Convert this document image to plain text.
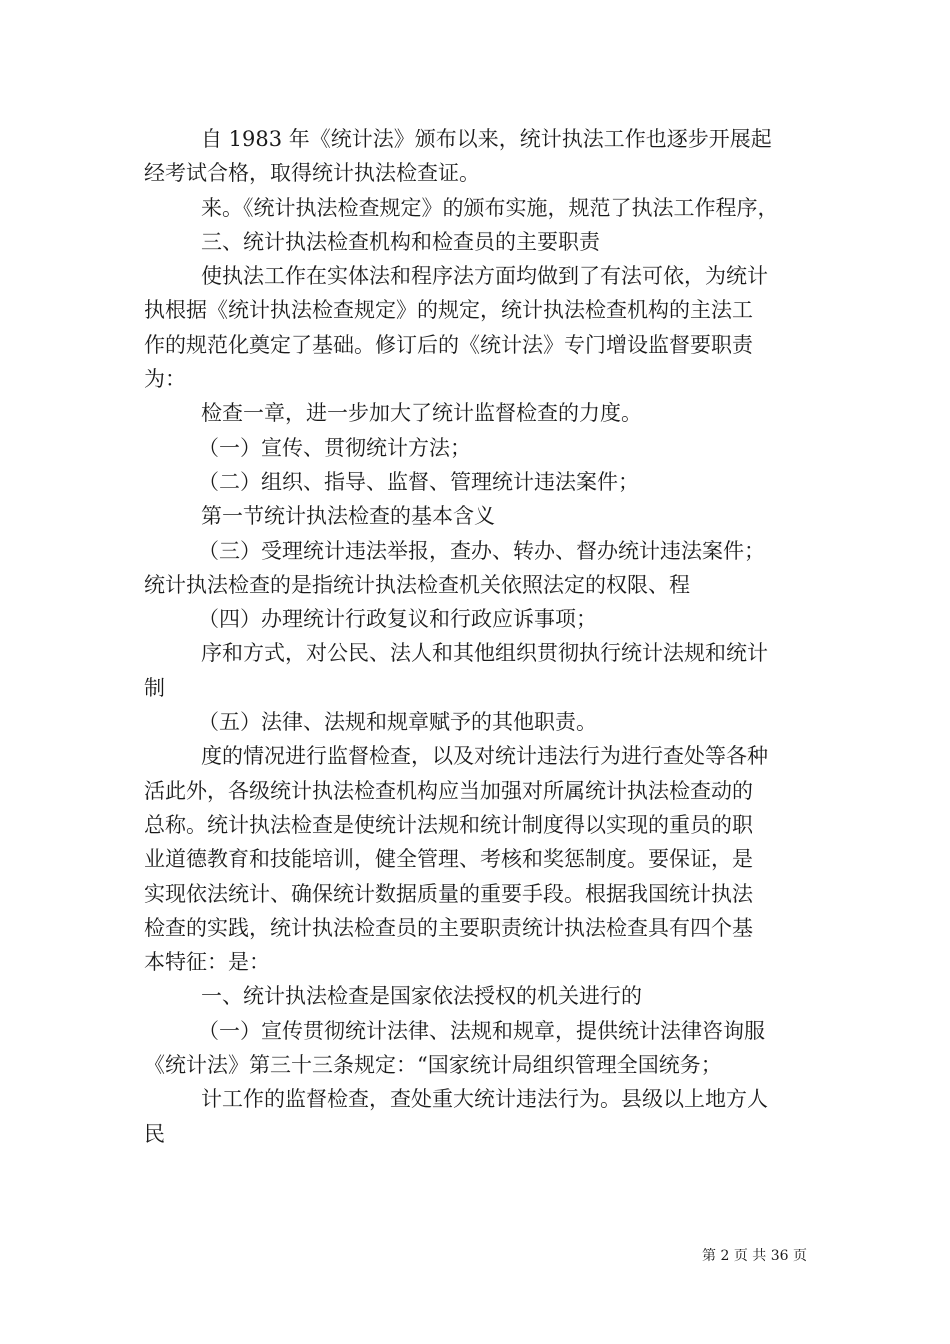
自 1983 年《统计法》颁布以来，统计执法工作也逐步开展起
经考试合格，取得统计执法检查证。
来。《统计执法检查规定》的颁布实施，规范了执法工作程序，
三、统计执法检查机构和检查员的主要职责
使执法工作在实体法和程序法方面均做到了有法可依，为统计
执根据《统计执法检查规定》的规定，统计执法检查机构的主法工
作的规范化奠定了基础。修订后的《统计法》专门增设监督要职责
为：
检查一章，进一步加大了统计监督检查的力度。
（一）宣传、贯彻统计方法；
（二）组织、指导、监督、管理统计违法案件；
第一节统计执法检查的基本含义
（三）受理统计违法举报，查办、转办、督办统计违法案件；
统计执法检查的是指统计执法检查机关依照法定的权限、程
（四）办理统计行政复议和行政应诉事项；
序和方式，对公民、法人和其他组织贯彻执行统计法规和统计
制
（五）法律、法规和规章赋予的其他职责。
度的情况进行监督检查，以及对统计违法行为进行查处等各种
活此外，各级统计执法检查机构应当加强对所属统计执法检查动的
总称。统计执法检查是使统计法规和统计制度得以实现的重员的职
业道德教育和技能培训，健全管理、考核和奖惩制度。要保证，是
实现依法统计、确保统计数据质量的重要手段。根据我国统计执法
检查的实践，统计执法检查员的主要职责统计执法检查具有四个基
本特征：是：
一、统计执法检查是国家依法授权的机关进行的
（一）宣传贯彻统计法律、法规和规章，提供统计法律咨询服
《统计法》第三十三条规定：“国家统计局组织管理全国统务；
计工作的监督检查，查处重大统计违法行为。县级以上地方人
民
第 2 页 共 36 页
